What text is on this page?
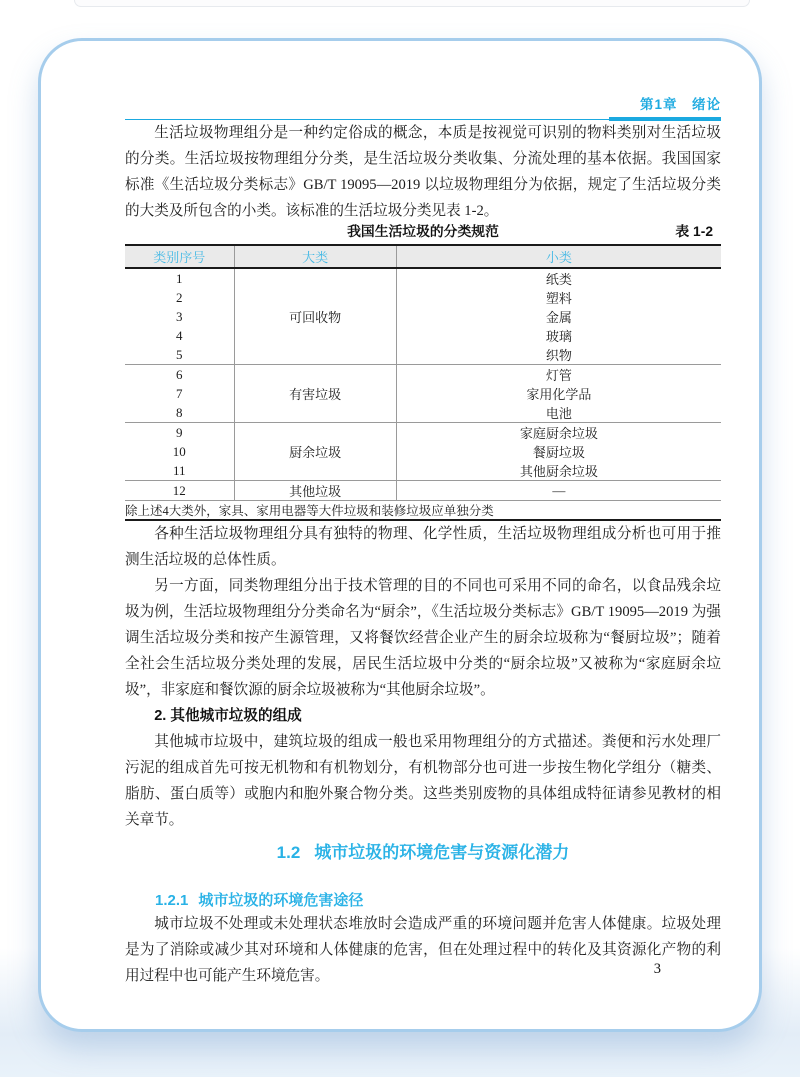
第1章　绪论

生活垃圾物理组分是一种约定俗成的概念，本质是按视觉可识别的物料类别对生活垃圾的分类。生活垃圾按物理组分分类，是生活垃圾分类收集、分流处理的基本依据。我国国家标准《生活垃圾分类标志》GB/T 19095—2019 以垃圾物理组分为依据，规定了生活垃圾分类的大类及所包含的小类。该标准的生活垃圾分类见表 1-2。

我国生活垃圾的分类规范	表 1-2
类别序号	大类	小类
1	可回收物	纸类
2		塑料
3		金属
4		玻璃
5		织物
6	有害垃圾	灯管
7		家用化学品
8		电池
9	厨余垃圾	家庭厨余垃圾
10		餐厨垃圾
11		其他厨余垃圾
12	其他垃圾	—
除上述4大类外，家具、家用电器等大件垃圾和装修垃圾应单独分类		

各种生活垃圾物理组分具有独特的物理、化学性质，生活垃圾物理组成分析也可用于推测生活垃圾的总体性质。

另一方面，同类物理组分出于技术管理的目的不同也可采用不同的命名，以食品残余垃圾为例，生活垃圾物理组分分类命名为“厨余”，《生活垃圾分类标志》GB/T 19095—2019 为强调生活垃圾分类和按产生源管理，又将餐饮经营企业产生的厨余垃圾称为“餐厨垃圾”；随着全社会生活垃圾分类处理的发展，居民生活垃圾中分类的“厨余垃圾”又被称为“家庭厨余垃圾”，非家庭和餐饮源的厨余垃圾被称为“其他厨余垃圾”。

2. 其他城市垃圾的组成

其他城市垃圾中，建筑垃圾的组成一般也采用物理组分的方式描述。粪便和污水处理厂污泥的组成首先可按无机物和有机物划分，有机物部分也可进一步按生物化学组分（糖类、脂肪、蛋白质等）或胞内和胞外聚合物分类。这些类别废物的具体组成特征请参见教材的相关章节。

1.2 城市垃圾的环境危害与资源化潜力
1.2.1 城市垃圾的环境危害途径

城市垃圾不处理或未处理状态堆放时会造成严重的环境问题并危害人体健康。垃圾处理是为了消除或减少其对环境和人体健康的危害，但在处理过程中的转化及其资源化产物的利用过程中也可能产生环境危害。	3
